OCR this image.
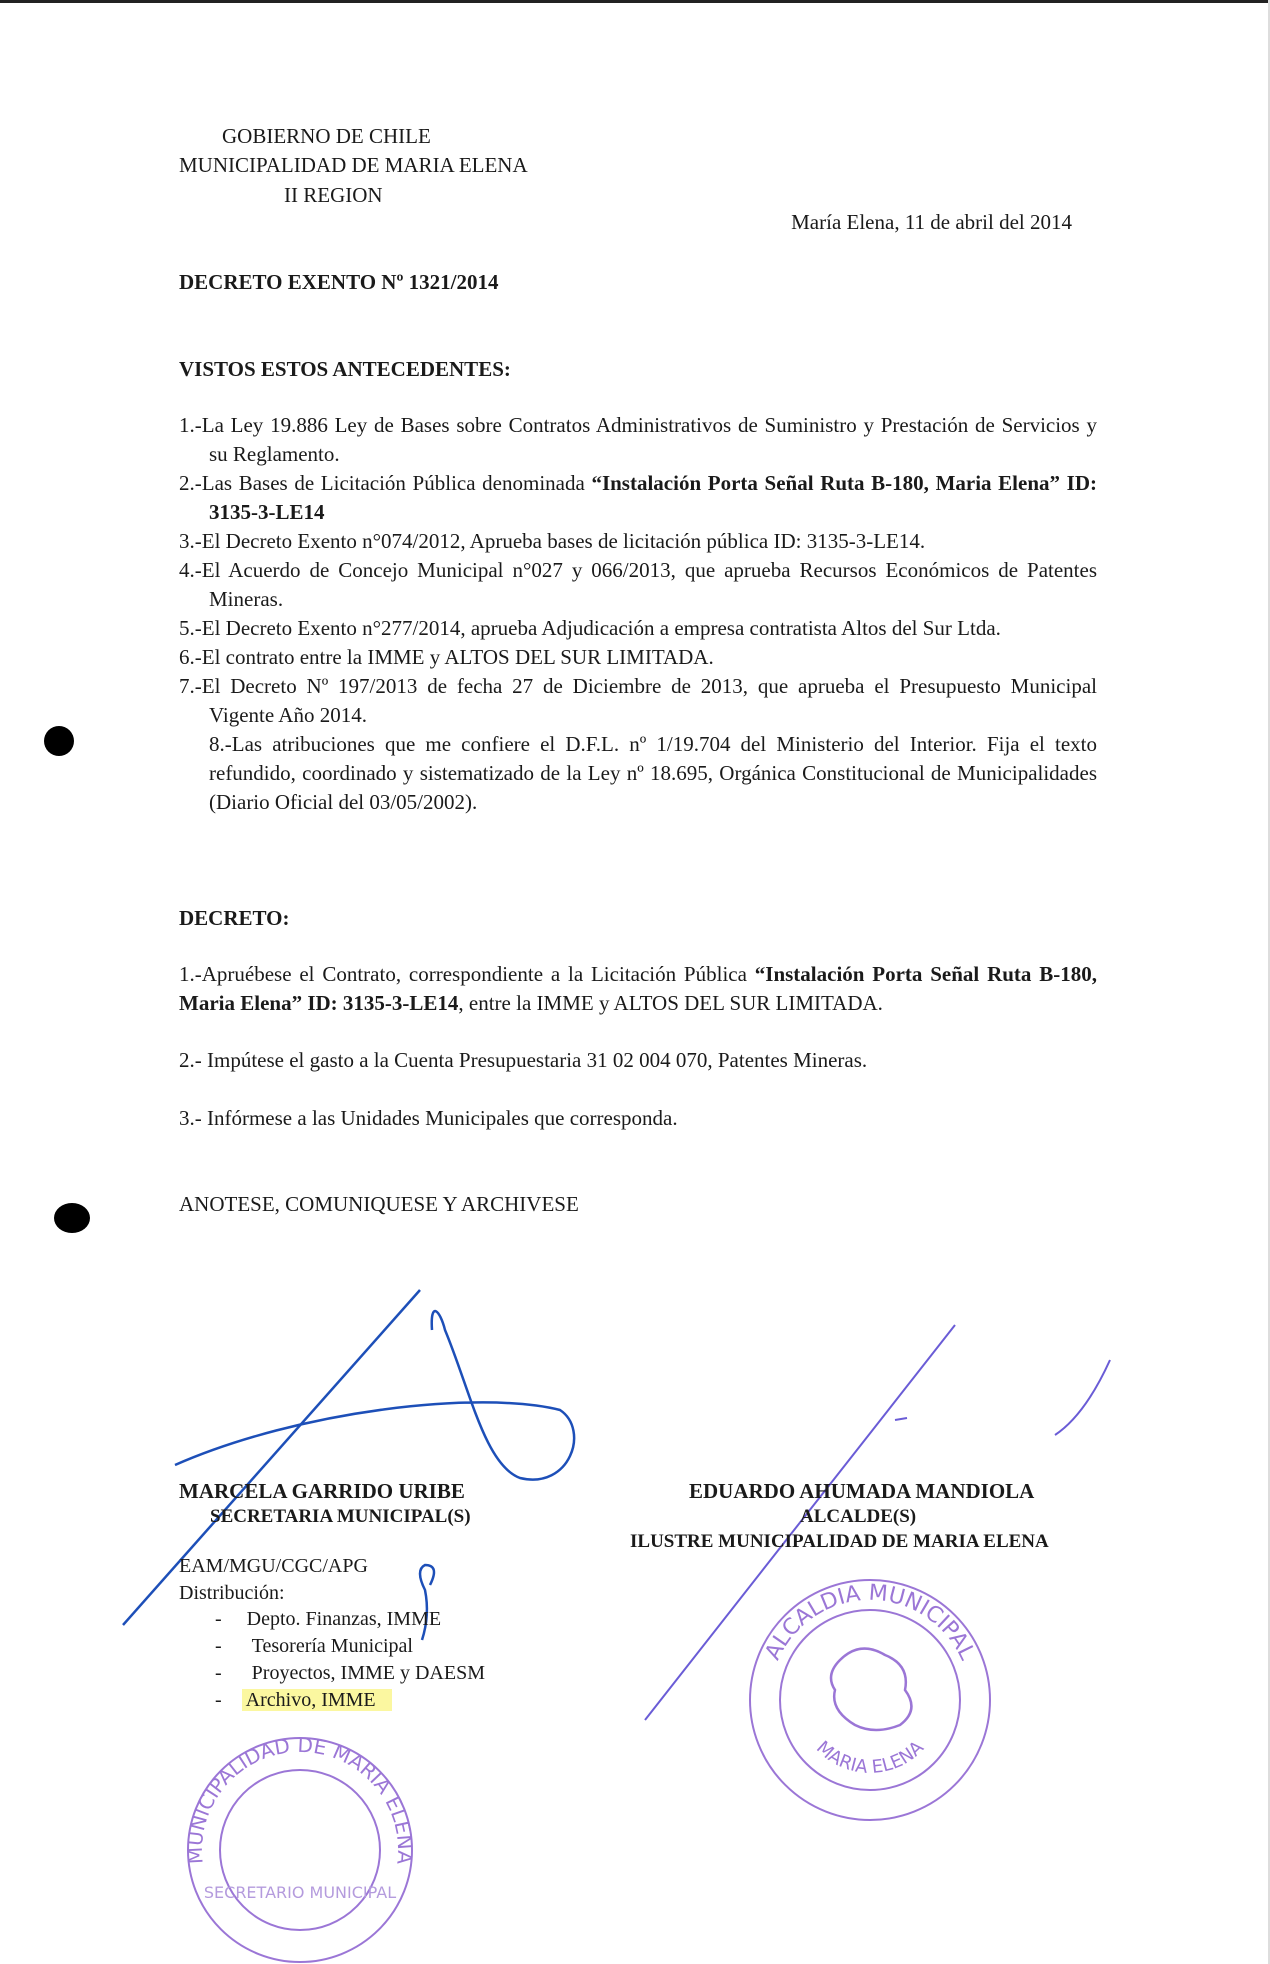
GOBIERNO DE CHILE
MUNICIPALIDAD DE MARIA ELENA
II REGION
María Elena, 11 de abril del 2014
DECRETO EXENTO Nº 1321/2014
VISTOS ESTOS ANTECEDENTES:
1.-La Ley 19.886 Ley de Bases sobre Contratos Administrativos de Suministro y Prestación de Servicios y su Reglamento.
2.-Las Bases de Licitación Pública denominada “Instalación Porta Señal Ruta B-180, Maria Elena” ID: 3135-3-LE14
3.-El Decreto Exento n°074/2012, Aprueba bases de licitación pública ID: 3135-3-LE14.
4.-El Acuerdo de Concejo Municipal n°027 y 066/2013, que aprueba Recursos Económicos de Patentes Mineras.
5.-El Decreto Exento n°277/2014, aprueba Adjudicación a empresa contratista Altos del Sur Ltda.
6.-El contrato entre la IMME y ALTOS DEL SUR LIMITADA.
7.-El Decreto Nº 197/2013 de fecha 27 de Diciembre de 2013, que aprueba el Presupuesto Municipal Vigente Año 2014.
8.-Las atribuciones que me confiere el D.F.L. nº 1/19.704 del Ministerio del Interior. Fija el texto refundido, coordinado y sistematizado de la Ley nº 18.695, Orgánica Constitucional de Municipalidades (Diario Oficial del 03/05/2002).
DECRETO:
1.-Apruébese el Contrato, correspondiente a la Licitación Pública “Instalación Porta Señal Ruta B-180, Maria Elena” ID: 3135-3-LE14, entre la IMME y ALTOS DEL SUR LIMITADA.
2.- Impútese el gasto a la Cuenta Presupuestaria 31 02 004 070, Patentes Mineras.
3.- Infórmese a las Unidades Municipales que corresponda.
ANOTESE, COMUNIQUESE Y ARCHIVESE
MUNICIPALIDAD DE MARIA ELENA
SECRETARIO MUNICIPAL
ALCALDIA MUNICIPAL
MARIA ELENA
MARCELA GARRIDO URIBE
SECRETARIA MUNICIPAL(S)
EDUARDO AHUMADA MANDIOLA
ALCALDE(S)
ILUSTRE MUNICIPALIDAD DE MARIA ELENA
EAM/MGU/CGC/APG
Distribución:
-     Depto. Finanzas, IMME
-      Tesorería Municipal
-      Proyectos, IMME y DAESM
-    Archivo, IMME
